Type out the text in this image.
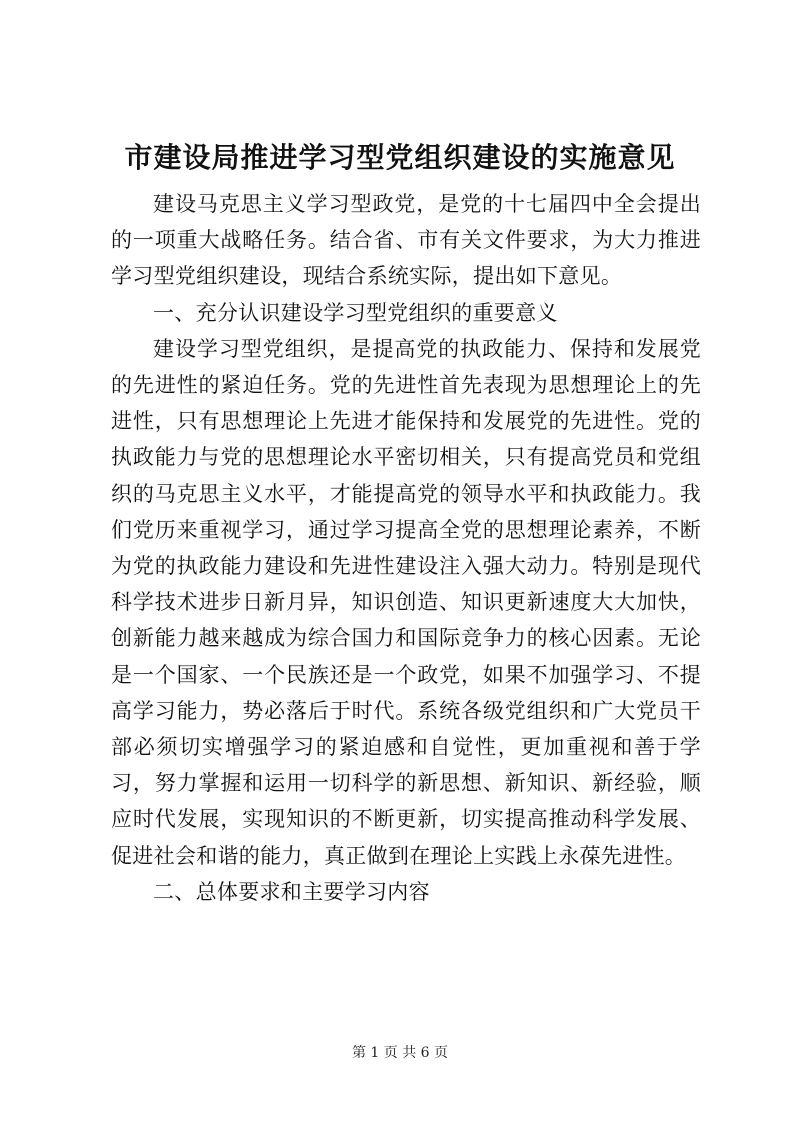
市建设局推进学习型党组织建设的实施意见

建设马克思主义学习型政党，是党的十七届四中全会提出的一项重大战略任务。结合省、市有关文件要求，为大力推进学习型党组织建设，现结合系统实际，提出如下意见。

一、充分认识建设学习型党组织的重要意义

建设学习型党组织，是提高党的执政能力、保持和发展党的先进性的紧迫任务。党的先进性首先表现为思想理论上的先进性，只有思想理论上先进才能保持和发展党的先进性。党的执政能力与党的思想理论水平密切相关，只有提高党员和党组织的马克思主义水平，才能提高党的领导水平和执政能力。我们党历来重视学习，通过学习提高全党的思想理论素养，不断为党的执政能力建设和先进性建设注入强大动力。特别是现代科学技术进步日新月异，知识创造、知识更新速度大大加快，创新能力越来越成为综合国力和国际竞争力的核心因素。无论是一个国家、一个民族还是一个政党，如果不加强学习、不提高学习能力，势必落后于时代。系统各级党组织和广大党员干部必须切实增强学习的紧迫感和自觉性，更加重视和善于学习，努力掌握和运用一切科学的新思想、新知识、新经验，顺应时代发展，实现知识的不断更新，切实提高推动科学发展、促进社会和谐的能力，真正做到在理论上实践上永葆先进性。

二、总体要求和主要学习内容

第 1 页 共 6 页
